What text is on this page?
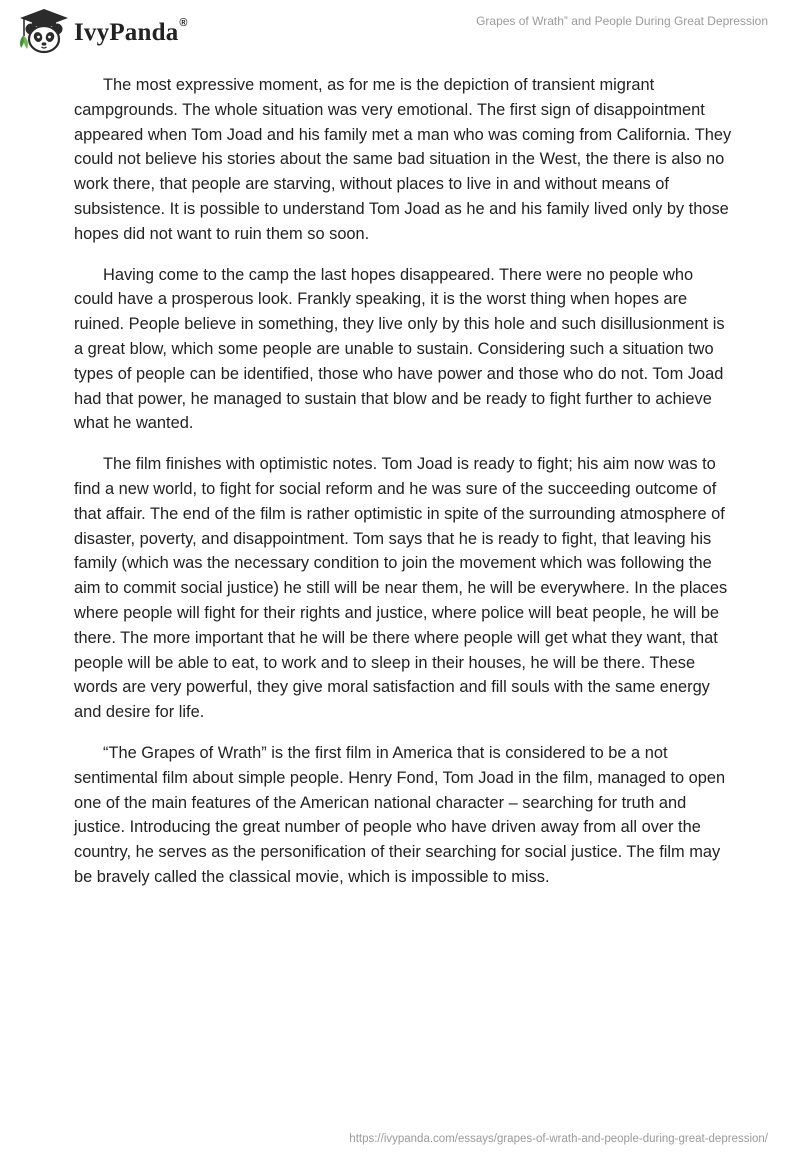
IvyPanda®	Grapes of Wrath” and People During Great Depression

The most expressive moment, as for me is the depiction of transient migrant campgrounds. The whole situation was very emotional. The first sign of disappointment appeared when Tom Joad and his family met a man who was coming from California. They could not believe his stories about the same bad situation in the West, the there is also no work there, that people are starving, without places to live in and without means of subsistence. It is possible to understand Tom Joad as he and his family lived only by those hopes did not want to ruin them so soon.

Having come to the camp the last hopes disappeared. There were no people who could have a prosperous look. Frankly speaking, it is the worst thing when hopes are ruined. People believe in something, they live only by this hole and such disillusionment is a great blow, which some people are unable to sustain. Considering such a situation two types of people can be identified, those who have power and those who do not. Tom Joad had that power, he managed to sustain that blow and be ready to fight further to achieve what he wanted.

The film finishes with optimistic notes. Tom Joad is ready to fight; his aim now was to find a new world, to fight for social reform and he was sure of the succeeding outcome of that affair. The end of the film is rather optimistic in spite of the surrounding atmosphere of disaster, poverty, and disappointment. Tom says that he is ready to fight, that leaving his family (which was the necessary condition to join the movement which was following the aim to commit social justice) he still will be near them, he will be everywhere. In the places where people will fight for their rights and justice, where police will beat people, he will be there. The more important that he will be there where people will get what they want, that people will be able to eat, to work and to sleep in their houses, he will be there. These words are very powerful, they give moral satisfaction and fill souls with the same energy and desire for life.

“The Grapes of Wrath” is the first film in America that is considered to be a not sentimental film about simple people. Henry Fond, Tom Joad in the film, managed to open one of the main features of the American national character – searching for truth and justice. Introducing the great number of people who have driven away from all over the country, he serves as the personification of their searching for social justice. The film may be bravely called the classical movie, which is impossible to miss.

https://ivypanda.com/essays/grapes-of-wrath-and-people-during-great-depression/
